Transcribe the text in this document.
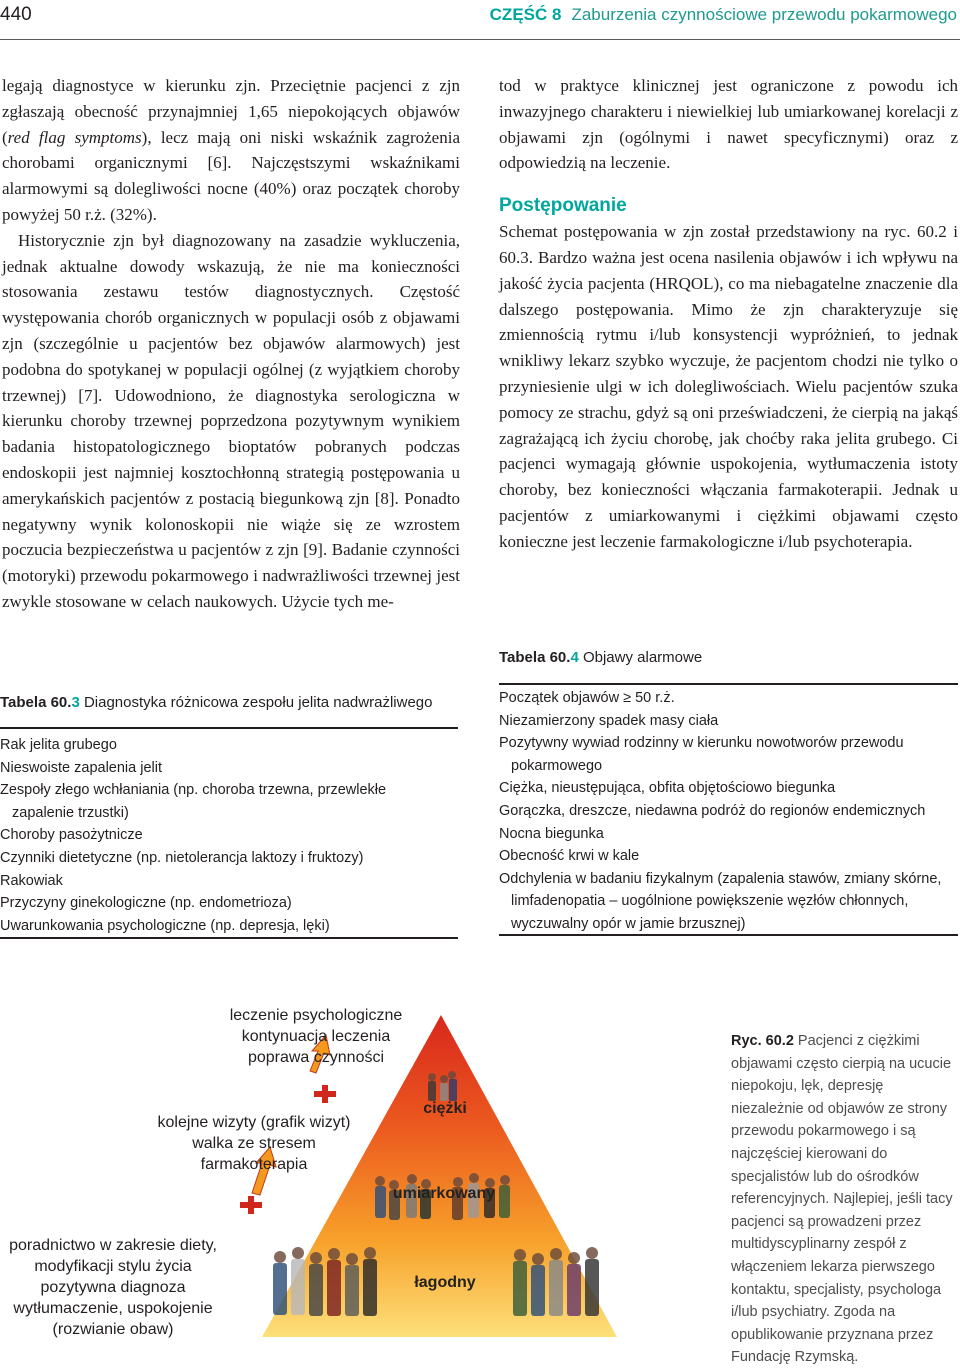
440	CZĘŚĆ 8 Zaburzenia czynnościowe przewodu pokarmowego

legają diagnostyce w kierunku zjn. Przeciętnie pacjenci z zjn zgłaszają obecność przynajmniej 1,65 niepokojących objawów (red flag symptoms), lecz mają oni niski wskaźnik zagrożenia chorobami organicznymi [6]. Najczęstszymi wskaźnikami alarmowymi są dolegliwości nocne (40%) oraz początek choroby powyżej 50 r.ż. (32%).

Historycznie zjn był diagnozowany na zasadzie wykluczenia, jednak aktualne dowody wskazują, że nie ma konieczności stosowania zestawu testów diagnostycznych. Częstość występowania chorób organicznych w populacji osób z objawami zjn (szczególnie u pacjentów bez objawów alarmowych) jest podobna do spotykanej w populacji ogólnej (z wyjątkiem choroby trzewnej) [7]. Udowodniono, że diagnostyka serologiczna w kierunku choroby trzewnej poprzedzona pozytywnym wynikiem badania histopatologicznego bioptatów pobranych podczas endoskopii jest najmniej kosztochłonną strategią postępowania u amerykańskich pacjentów z postacią biegunkową zjn [8]. Ponadto negatywny wynik kolonoskopii nie wiąże się ze wzrostem poczucia bezpieczeństwa u pacjentów z zjn [9]. Badanie czynności (motoryki) przewodu pokarmowego i nadwrażliwości trzewnej jest zwykle stosowane w celach naukowych. Użycie tych me-

tod w praktyce klinicznej jest ograniczone z powodu ich inwazyjnego charakteru i niewielkiej lub umiarkowanej korelacji z objawami zjn (ogólnymi i nawet specyficznymi) oraz z odpowiedzią na leczenie.

Postępowanie

Schemat postępowania w zjn został przedstawiony na ryc. 60.2 i 60.3. Bardzo ważna jest ocena nasilenia objawów i ich wpływu na jakość życia pacjenta (HRQOL), co ma niebagatelne znaczenie dla dalszego postępowania. Mimo że zjn charakteryzuje się zmiennością rytmu i/lub konsystencji wypróżnień, to jednak wnikliwy lekarz szybko wyczuje, że pacjentom chodzi nie tylko o przyniesienie ulgi w ich dolegliwościach. Wielu pacjentów szuka pomocy ze strachu, gdyż są oni przeświadczeni, że cierpią na jakąś zagrażającą ich życiu chorobę, jak choćby raka jelita grubego. Ci pacjenci wymagają głównie uspokojenia, wytłumaczenia istoty choroby, bez konieczności włączania farmakoterapii. Jednak u pacjentów z umiarkowanymi i ciężkimi objawami często konieczne jest leczenie farmakologiczne i/lub psychoterapia.

Tabela 60.3 Diagnostyka różnicowa zespołu jelita nadwrażliwego
Rak jelita grubego
Nieswoiste zapalenia jelit
Zespoły złego wchłaniania (np. choroba trzewna, przewlekłe zapalenie trzustki)
Choroby pasożytnicze
Czynniki dietetyczne (np. nietolerancja laktozy i fruktozy)
Rakowiak
Przyczyny ginekologiczne (np. endometrioza)
Uwarunkowania psychologiczne (np. depresja, lęki)
Tabela 60.4 Objawy alarmowe
Początek objawów ≥ 50 r.ż.
Niezamierzony spadek masy ciała
Pozytywny wywiad rodzinny w kierunku nowotworów przewodu pokarmowego
Ciężka, nieustępująca, obfita objętościowo biegunka
Gorączka, dreszcze, niedawna podróż do regionów endemicznych
Nocna biegunka
Obecność krwi w kale
Odchylenia w badaniu fizykalnym (zapalenia stawów, zmiany skórne, limfadenopatia – uogólnione powiększenie węzłów chłonnych, wyczuwalny opór w jamie brzusznej)
leczenie psychologiczne
kontynuacja leczenia
poprawa czynności
kolejne wizyty (grafik wizyt)
walka ze stresem
farmakoterapia
poradnictwo w zakresie diety,
modyfikacji stylu życia
pozytywna diagnoza
wytłumaczenie, uspokojenie
(rozwianie obaw)
ciężki
umiarkowany
łagodny
Ryc. 60.2 Pacjenci z ciężkimi objawami często cierpią na ucucie niepokoju, lęk, depresję niezależnie od objawów ze strony przewodu pokarmowego i są najczęściej kierowani do specjalistów lub do ośrodków referencyjnych. Najlepiej, jeśli tacy pacjenci są prowadzeni przez multidyscyplinarny zespół z włączeniem lekarza pierwszego kontaktu, specjalisty, psychologa i/lub psychiatry. Zgoda na opublikowanie przyznana przez Fundację Rzymską.
